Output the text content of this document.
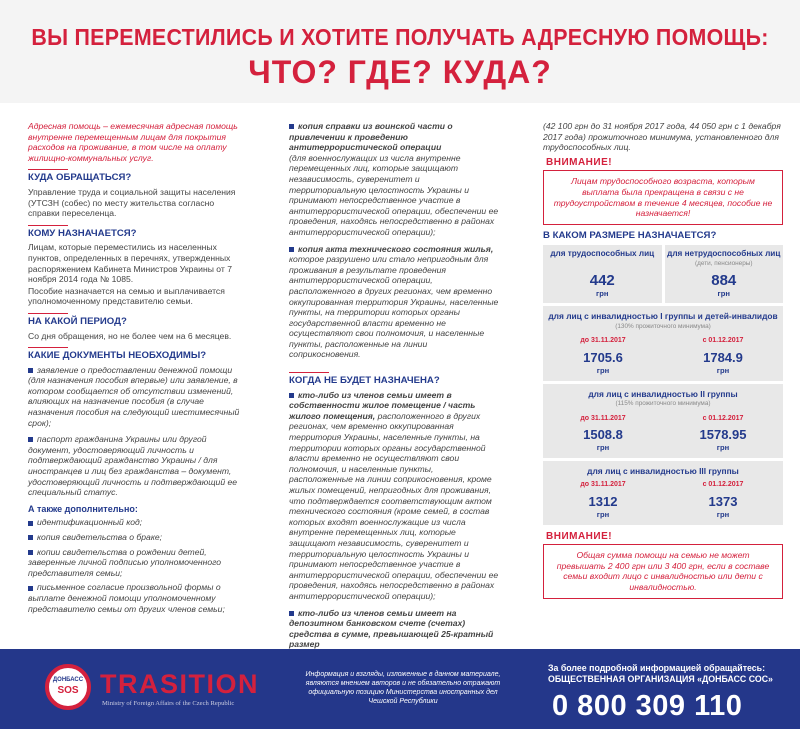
ВЫ ПЕРЕМЕСТИЛИСЬ И ХОТИТЕ ПОЛУЧАТЬ АДРЕСНУЮ ПОМОЩЬ:
ЧТО? ГДЕ? КУДА?

Адресная помощь – ежемесячная адресная помощь внутренне перемещенным лицам для покрытия расходов на проживание, в том числе на оплату жилищно-коммунальных услуг.

КУДА ОБРАЩАТЬСЯ?

Управление труда и социальной защиты населения (УТСЗН (собес) по месту жительства согласно справки переселенца.

КОМУ НАЗНАЧАЕТСЯ?

Лицам, которые переместились из населенных пунктов, определенных в перечнях, утвержденных распоряжением Кабинета Министров Украины от 7 ноября 2014 года № 1085.

Пособие назначается на семью и выплачивается уполномоченному представителю семьи.

НА КАКОЙ ПЕРИОД?

Со дня обращения, но не более чем на 6 месяцев.

КАКИЕ ДОКУМЕНТЫ НЕОБХОДИМЫ?
заявление о предоставлении денежной помощи (для назначения пособия впервые) или заявление, в котором сообщается об отсутствии изменений, влияющих на назначение пособия (в случае назначения пособия на следующий шестимесячный срок);
паспорт гражданина Украины или другой документ, удостоверяющий личность и подтверждающий гражданство Украины / для иностранцев и лиц без гражданства – документ, удостоверяющий личность и подтверждающий ее специальный статус.
А также дополнительно:
идентификационный код;
копия свидетельства о браке;
копии свидетельства о рождении детей, заверенные личной подписью уполномоченного представителя семьи;
письменное согласие произвольной формы о выплате денежной помощи уполномоченному представителю семьи от других членов семьи;
копия справки из воинской части о привлечении к проведению антитеррористической операции

(для военнослужащих из числа внутренне перемещенных лиц, которые защищают независимость, суверенитет и территориальную целостность Украины и принимают непосредственное участие в антитеррористической операции, обеспечении ее проведения, находясь непосредственно в районах антитеррористической операции);

копия акта технического состояния жилья,

которое разрушено или стало непригодным для проживания в результате проведения антитеррористической операции, расположенного в других регионах, чем временно оккупированная территория Украины, населенные пункты, на территории которых органы государственной власти временно не осуществляют свои полномочия, и населенные пункты, расположенные на линии соприкосновения.

КОГДА НЕ БУДЕТ НАЗНАЧЕНА?
кто-либо из членов семьи имеет в собственности жилое помещение / часть жилого помещения, расположенного в других регионах, чем временно оккупированная территория Украины, населенные пункты, на территории которых органы государственной власти временно не осуществляют свои полномочия, и населенные пункты, расположенные на линии соприкосновения, кроме жилых помещений, непригодных для проживания, что подтверждается соответствующим актом технического состояния (кроме семей, в состав которых входят военнослужащие из числа внутренне перемещенных лиц, которые защищают независимость, суверенитет и территориальную целостность Украины и принимают непосредственное участие в антитеррористической операции, обеспечении ее проведения, находясь непосредственно в районах антитеррористической операции);
кто-либо из членов семьи имеет на депозитном банковском счете (счетах) средства в сумме, превышающей 25-кратный размер

(42 100 грн до 31 ноября 2017 года, 44 050 грн с 1 декабря 2017 года) прожиточного минимума, установленного для трудоспособных лиц.

ВНИМАНИЕ!
Лицам трудоспособного возраста, которым выплата была прекращена в связи с не трудоустройством в течение 4 месяцев, пособие не назначается!
В КАКОМ РАЗМЕРЕ НАЗНАЧАЕТСЯ?
для трудоспособных лиц

442
грн
для нетрудоспособных лиц
(дети, пенсионеры)
884
грн
для лиц с инвалидностью I группы и детей-инвалидов
(130% прожиточного минимума)
до 31.11.2017
1705.6
грн
с 01.12.2017
1784.9
грн
для лиц с инвалидностью II группы
(115% прожиточного минимума)
до 31.11.2017
1508.8
грн
с 01.12.2017
1578.95
грн
для лиц с инвалидностью III группы
до 31.11.2017
1312
грн
с 01.12.2017
1373
грн
ВНИМАНИЕ!
Общая сумма помощи на семью не может превышать 2 400 грн или 3 400 грн, если в составе семьи входит лицо с инвалидностью или дети с инвалидностью.
ДОНБАСС
SOS TRASITION
Ministry of Foreign Affairs of the Czech Republic
Информация и взгляды, изложенные в данном материале, являются мнением авторов и не обязательно отражают официальную позицию Министерства иностранных дел Чешской Республики
За более подробной информацией обращайтесь: ОБЩЕСТВЕННАЯ ОРГАНИЗАЦИЯ «ДОНБАСС СОС»
0 800 309 110
